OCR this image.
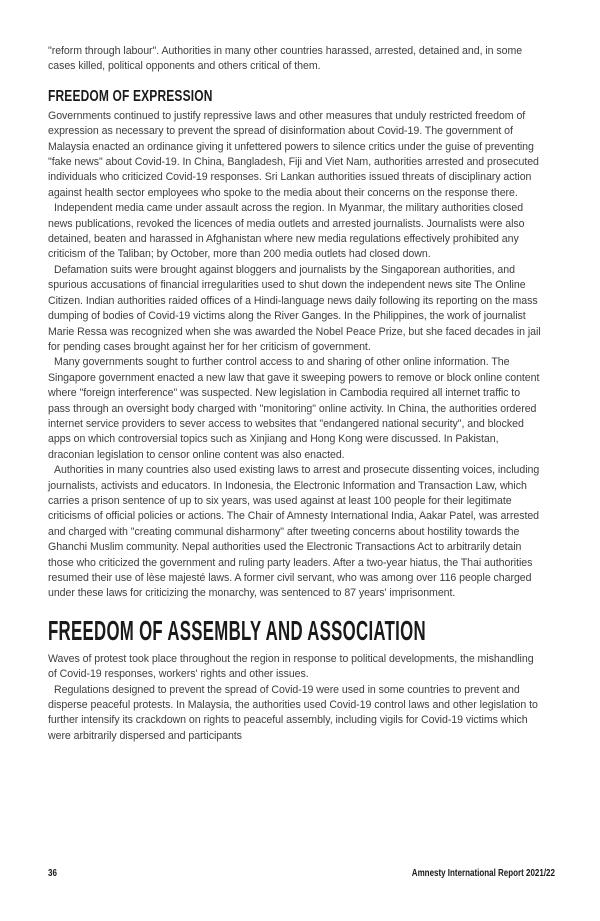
"reform through labour". Authorities in many other countries harassed, arrested, detained and, in some cases killed, political opponents and others critical of them.

FREEDOM OF EXPRESSION

Governments continued to justify repressive laws and other measures that unduly restricted freedom of expression as necessary to prevent the spread of disinformation about Covid-19. The government of Malaysia enacted an ordinance giving it unfettered powers to silence critics under the guise of preventing "fake news" about Covid-19. In China, Bangladesh, Fiji and Viet Nam, authorities arrested and prosecuted individuals who criticized Covid-19 responses. Sri Lankan authorities issued threats of disciplinary action against health sector employees who spoke to the media about their concerns on the response there.

Independent media came under assault across the region. In Myanmar, the military authorities closed news publications, revoked the licences of media outlets and arrested journalists. Journalists were also detained, beaten and harassed in Afghanistan where new media regulations effectively prohibited any criticism of the Taliban; by October, more than 200 media outlets had closed down.

Defamation suits were brought against bloggers and journalists by the Singaporean authorities, and spurious accusations of financial irregularities used to shut down the independent news site The Online Citizen. Indian authorities raided offices of a Hindi-language news daily following its reporting on the mass dumping of bodies of Covid-19 victims along the River Ganges. In the Philippines, the work of journalist Marie Ressa was recognized when she was awarded the Nobel Peace Prize, but she faced decades in jail for pending cases brought against her for her criticism of government.

Many governments sought to further control access to and sharing of other online information. The Singapore government enacted a new law that gave it sweeping powers to remove or block online content where "foreign interference" was suspected. New legislation in Cambodia required all internet traffic to pass through an oversight body charged with "monitoring" online activity. In China, the authorities ordered internet service providers to sever access to websites that "endangered national security", and blocked apps on which controversial topics such as Xinjiang and Hong Kong were discussed. In Pakistan, draconian legislation to censor online content was also enacted.

Authorities in many countries also used existing laws to arrest and prosecute dissenting voices, including journalists, activists and educators. In Indonesia, the Electronic Information and Transaction Law, which carries a prison sentence of up to six years, was used against at least 100 people for their legitimate criticisms of official policies or actions. The Chair of Amnesty International India, Aakar Patel, was arrested and charged with "creating communal disharmony" after tweeting concerns about hostility towards the Ghanchi Muslim community. Nepal authorities used the Electronic Transactions Act to arbitrarily detain those who criticized the government and ruling party leaders. After a two-year hiatus, the Thai authorities resumed their use of lèse majesté laws. A former civil servant, who was among over 116 people charged under these laws for criticizing the monarchy, was sentenced to 87 years' imprisonment.

FREEDOM OF ASSEMBLY AND ASSOCIATION

Waves of protest took place throughout the region in response to political developments, the mishandling of Covid-19 responses, workers' rights and other issues.

Regulations designed to prevent the spread of Covid-19 were used in some countries to prevent and disperse peaceful protests. In Malaysia, the authorities used Covid-19 control laws and other legislation to further intensify its crackdown on rights to peaceful assembly, including vigils for Covid-19 victims which were arbitrarily dispersed and participants

36	Amnesty International Report 2021/22
